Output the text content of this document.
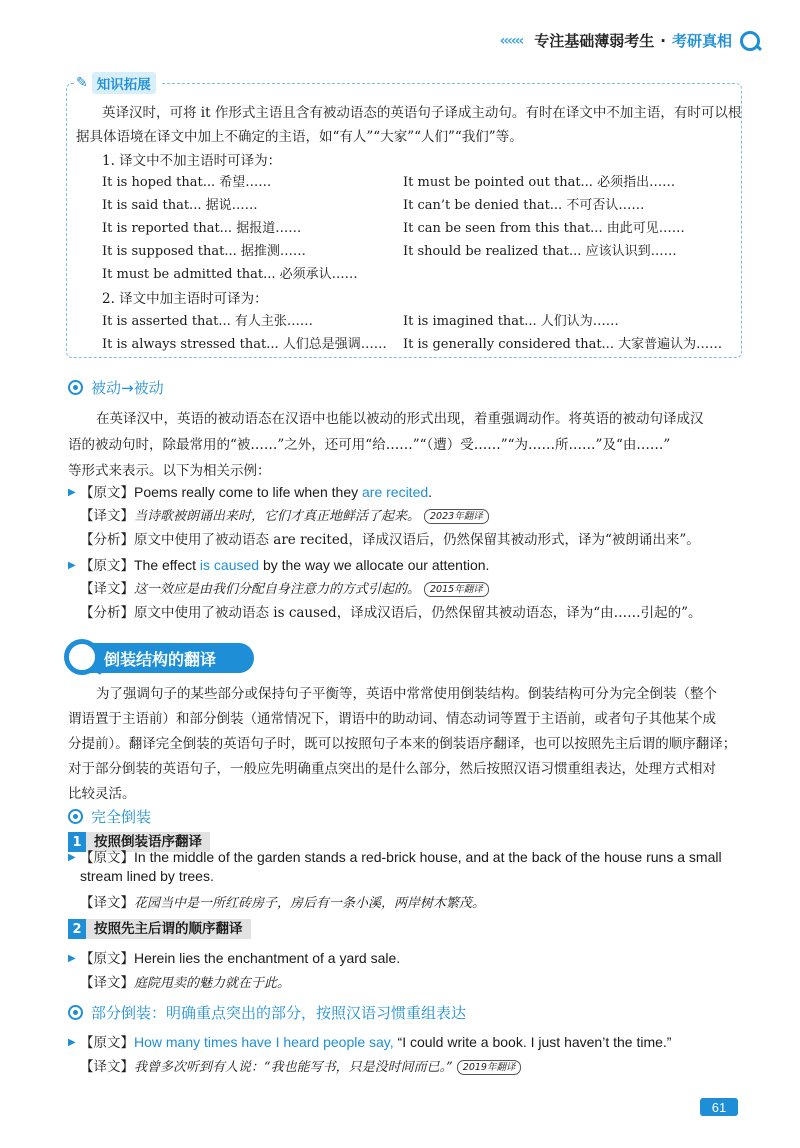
‹‹‹‹‹‹ 专注基础薄弱考生 · 考研真相
✎ 知识拓展
英译汉时，可将 it 作形式主语且含有被动语态的英语句子译成主动句。有时在译文中不加主语，有时可以根
据具体语境在译文中加上不确定的主语，如“有人”“大家”“人们”“我们”等。
1. 译文中不加主语时可译为：
It is hoped that... 希望……	It must be pointed out that... 必须指出……
It is said that... 据说……	It can’t be denied that... 不可否认……
It is reported that... 据报道……	It can be seen from this that... 由此可见……
It is supposed that... 据推测……	It should be realized that... 应该认识到……
It must be admitted that... 必须承认……
2. 译文中加主语时可译为：
It is asserted that... 有人主张……	It is imagined that... 人们认为……
It is always stressed that... 人们总是强调…… It is generally considered that... 大家普遍认为……
被动→被动
在英译汉中，英语的被动语态在汉语中也能以被动的形式出现，着重强调动作。将英语的被动句译成汉
语的被动句时，除最常用的“被……”之外，还可用“给……”“（遭）受……”“为……所……”及“由……”
等形式来表示。以下为相关示例：
▶ 【原文】Poems really come to life when they are recited.
【译文】当诗歌被朗诵出来时，它们才真正地鲜活了起来。 2023年翻译
【分析】原文中使用了被动语态 are recited，译成汉语后，仍然保留其被动形式，译为“被朗诵出来”。
▶ 【原文】The effect is caused by the way we allocate our attention.
【译文】这一效应是由我们分配自身注意力的方式引起的。 2015年翻译
【分析】原文中使用了被动语态 is caused，译成汉语后，仍然保留其被动语态，译为“由……引起的”。
倒装结构的翻译
为了强调句子的某些部分或保持句子平衡等，英语中常常使用倒装结构。倒装结构可分为完全倒装（整个
谓语置于主语前）和部分倒装（通常情况下，谓语中的助动词、情态动词等置于主语前，或者句子其他某个成
分提前）。翻译完全倒装的英语句子时，既可以按照句子本来的倒装语序翻译，也可以按照先主后谓的顺序翻译；
对于部分倒装的英语句子，一般应先明确重点突出的是什么部分，然后按照汉语习惯重组表达，处理方式相对
比较灵活。
完全倒装
1 按照倒装语序翻译
▶ 【原文】In the middle of the garden stands a red-brick house, and at the back of the house runs a small
stream lined by trees.
【译文】花园当中是一所红砖房子，房后有一条小溪，两岸树木繁茂。
2 按照先主后谓的顺序翻译
▶ 【原文】Herein lies the enchantment of a yard sale.
【译文】庭院甩卖的魅力就在于此。
部分倒装：明确重点突出的部分，按照汉语习惯重组表达
▶ 【原文】How many times have I heard people say, “I could write a book. I just haven’t the time.”
【译文】我曾多次听到有人说：“我也能写书，只是没时间而已。” 2019年翻译
61
